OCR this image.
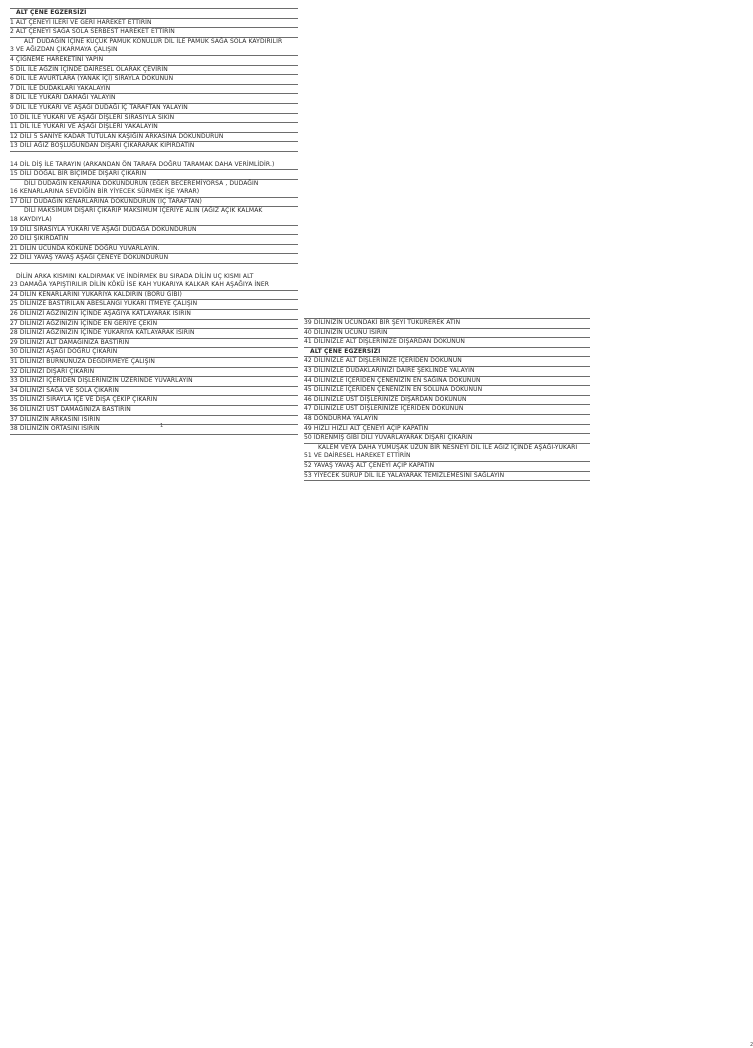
ALT ÇENE EGZERSİZİ
1 ALT ÇENEYİ İLERİ VE GERİ HAREKET ETTİRİN
2 ALT ÇENEYİ SAĞA SOLA SERBEST HAREKET ETTİRİN
ALT DUDAĞIN İÇİNE KÜÇÜK PAMUK KONULUR DİL İLE PAMUK SAĞA SOLA KAYDIRILIR
3 VE AĞIZDAN ÇIKARMAYA ÇALIŞIN
4 ÇİĞNEME HAREKETİNİ YAPIN
5 DİL İLE AĞZIN İÇİNDE DAİRESEL OLARAK ÇEVİRİN
6 DİL İLE AVURTLARA (YANAK İÇİ) SIRAYLA DOKUNUN
7 DİL İLE DUDAKLARI YAKALAYIN
8 DİL İLE YUKARI DAMAĞI YALAYIN
9 DİL İLE YUKARI VE AŞAĞI DUDAĞI İÇ TARAFTAN YALAYIN
10 DİL İLE YUKARI VE AŞAĞI DİŞLERİ SIRASIYLA SIKIN
11 DİL İLE YUKARI VE AŞAĞI DİŞLERİ YAKALAYIN
12 DİLİ 5 SANİYE KADAR TUTULAN KAŞIĞIN ARKASINA DOKUNDURUN
13 DİLİ AĞIZ BOŞLUĞUNDAN DIŞARI ÇIKARARAK KIPIRDATIN
14 DİL DİŞ İLE TARAYIN (ARKANDAN ÖN TARAFA DOĞRU TARAMAK DAHA VERİMLİDİR.)
15 DİLİ DOĞAL BİR BİÇİMDE DIŞARI ÇIKARIN
DİLİ DUDAĞIN KENARINA DOKUNDURUN (EĞER BECEREMİYORSA , DUDAĞIN
16 KENARLARINA SEVDİĞİN BİR YİYECEK SÜRMEK İŞE YARAR)
17 DİLİ DUDAĞIN KENARLARINA DOKUNDURUN (İÇ TARAFTAN)
DİLİ MAKSİMUM DIŞARI ÇIKARIP MAKSİMUM İÇERİYE ALIN (AĞIZ AÇIK KALMAK
18 KAYDIYLA)
19 DİLİ SIRASIYLA YUKARI VE AŞAĞI DUDAĞA DOKUNDURUN
20 DİLİ ŞIKIRDATIN
21 DİLİN UCUNDA KÖKÜNE DOĞRU YUVARLAYIN.
22 DİLİ YAVAŞ YAVAŞ AŞAĞI ÇENEYE DOKUNDURUN
DİLİN ARKA KISMINI KALDIRMAK VE İNDİRMEK BU SIRADA DİLİN UÇ KISMI ALT
23 DAMAĞA YAPIŞTIRILIR DİLİN KÖKÜ İSE KAH YUKARIYA KALKAR KAH AŞAĞIYA İNER
24 DİLİN KENARLARINI YUKARIYA KALDIRIN (BORU GİBİ)
25 DİLİNİZE BASTIRILAN ABESLANGI YUKARI İTMEYE ÇALIŞIN
26 DİLİNİZİ AĞZINIZIN İÇİNDE AŞAĞIYA KATLAYARAK ISIRIN
27 DİLİNİZİ AĞZINIZIN İÇİNDE EN GERİYE ÇEKİN
28 DİLİNİZİ AĞZINIZIN İÇİNDE YUKARIYA KATLAYARAK ISIRIN
29 DİLİNİZİ ALT DAMAĞINIZA BASTIRIN
30 DİLİNİZİ AŞAĞI DOĞRU ÇIKARIN
31 DİLİNİZİ BURNUNUZA DEĞDİRMEYE ÇALIŞIN
32 DİLİNİZİ DIŞARI ÇIKARIN
33 DİLİNİZİ İÇERİDEN DİŞLERİNİZİN ÜZERİNDE YUVARLAYIN
34 DİLİNİZİ SAĞA VE SOLA ÇIKARIN
35 DİLİNİZİ SIRAYLA İÇE VE DIŞA ÇEKİP ÇIKARIN
36 DİLİNİZİ ÜST DAMAĞINIZA BASTIRIN
37 DİLİNİZİN ARKASINI ISIRIN
38 DİLİNİZİN ORTASINI ISIRIN	1
2
39 DİLİNİZİN UCUNDAKİ BİR ŞEYİ TÜKÜREREK ATIN
40 DİLİNİZİN UCUNU ISIRIN
41 DİLİNİZLE ALT DİŞLERİNİZE DIŞARDAN DOKUNUN
ALT ÇENE EGZERSİZİ
42 DİLİNİZLE ALT DİŞLERİNİZE İÇERİDEN DOKUNUN
43 DİLİNİZLE DUDAKLARINIZI DAİRE ŞEKLİNDE YALAYIN
44 DİLİNİZLE İÇERİDEN ÇENENİZİN EN SAĞINA DOKUNUN
45 DİLİNİZLE İÇERİDEN ÇENENİZİN EN SOLUNA DOKUNUN
46 DİLİNİZLE ÜST DİŞLERİNİZE DIŞARDAN DOKUNUN
47 DİLİNİZLE ÜST DİŞLERİNİZE İÇERİDEN DOKUNUN
48 DONDURMA YALAYIN
49 HIZLI HIZLI ALT ÇENEYİ AÇIP KAPATIN
50 İDRENMİŞ GİBİ DİLİ YUVARLAYARAK DIŞARI ÇIKARIN
KALEM VEYA DAHA YUMUŞAK UZUN BİR NESNEYİ DİL İLE AĞIZ İÇİNDE AŞAĞI-YUKARI
51 VE DAİRESEL HAREKET ETTİRİN
52 YAVAŞ YAVAŞ ALT ÇENEYİ AÇIP KAPATIN
53 YİYECEK SÜRÜP DİL İLE YALAYARAK TEMİZLEMESİNİ SAĞLAYIN
